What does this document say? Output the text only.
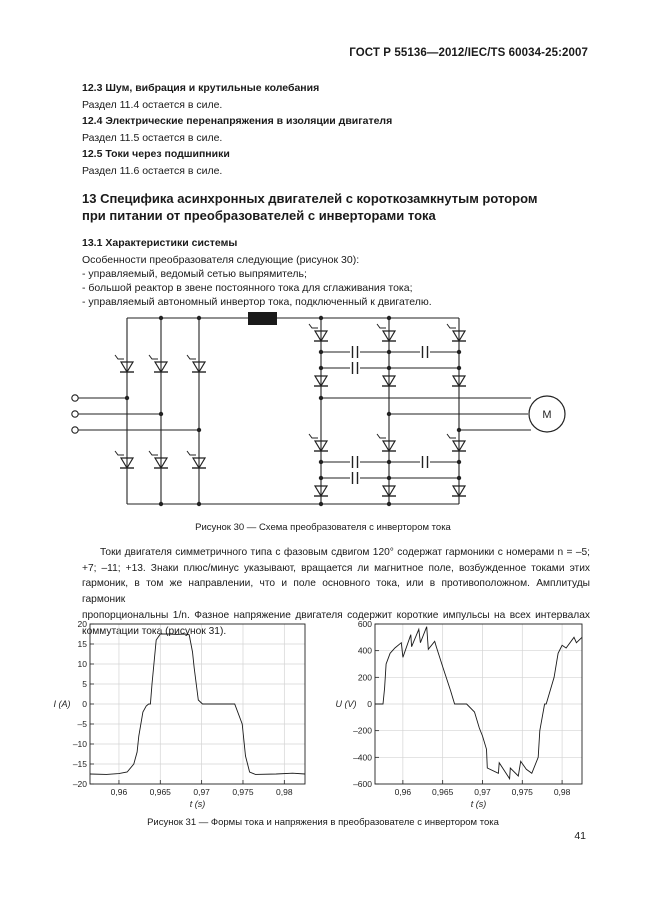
ГОСТ Р 55136—2012/IEC/TS 60034-25:2007
12.3 Шум, вибрация и крутильные колебания
Раздел 11.4 остается в силе.
12.4 Электрические перенапряжения в изоляции двигателя
Раздел 11.5 остается в силе.
12.5 Токи через подшипники
Раздел 11.6 остается в силе.
13 Специфика асинхронных двигателей с короткозамкнутым ротором
при питании от преобразователей с инверторами тока
13.1 Характеристики системы
Особенности преобразователя следующие (рисунок 30):
- управляемый, ведомый сетью выпрямитель;
- большой реактор в звене постоянного тока для сглаживания тока;
- управляемый автономный инвертор тока, подключенный к двигателю.
M
Рисунок 30 — Схема преобразователя с инвертором тока
Токи двигателя симметричного типа с фазовым сдвигом 120° содержат гармоники с номерами n = –5;
+7; –11; +13. Знаки плюс/минус указывают, вращается ли магнитное поле, возбужденное токами этих
гармоник, в том же направлении, что и поле основного тока, или в противоположном. Амплитуды гармоник
пропорциональны 1/n. Фазное напряжение двигателя содержит короткие импульсы на всех интервалах
коммутации тока (рисунок 31).
0,96	0,965	0,97	0,975	0,98
20
15
10
5
0
–5
–10
–15
–20
I (A)
t (s)
0,96 0,965 0,97 0,975 0,98
600
400
200
0
–200
–400
–600
U (V)
t (s)
Рисунок 31 — Формы тока и напряжения в преобразователе с инвертором тока
41
